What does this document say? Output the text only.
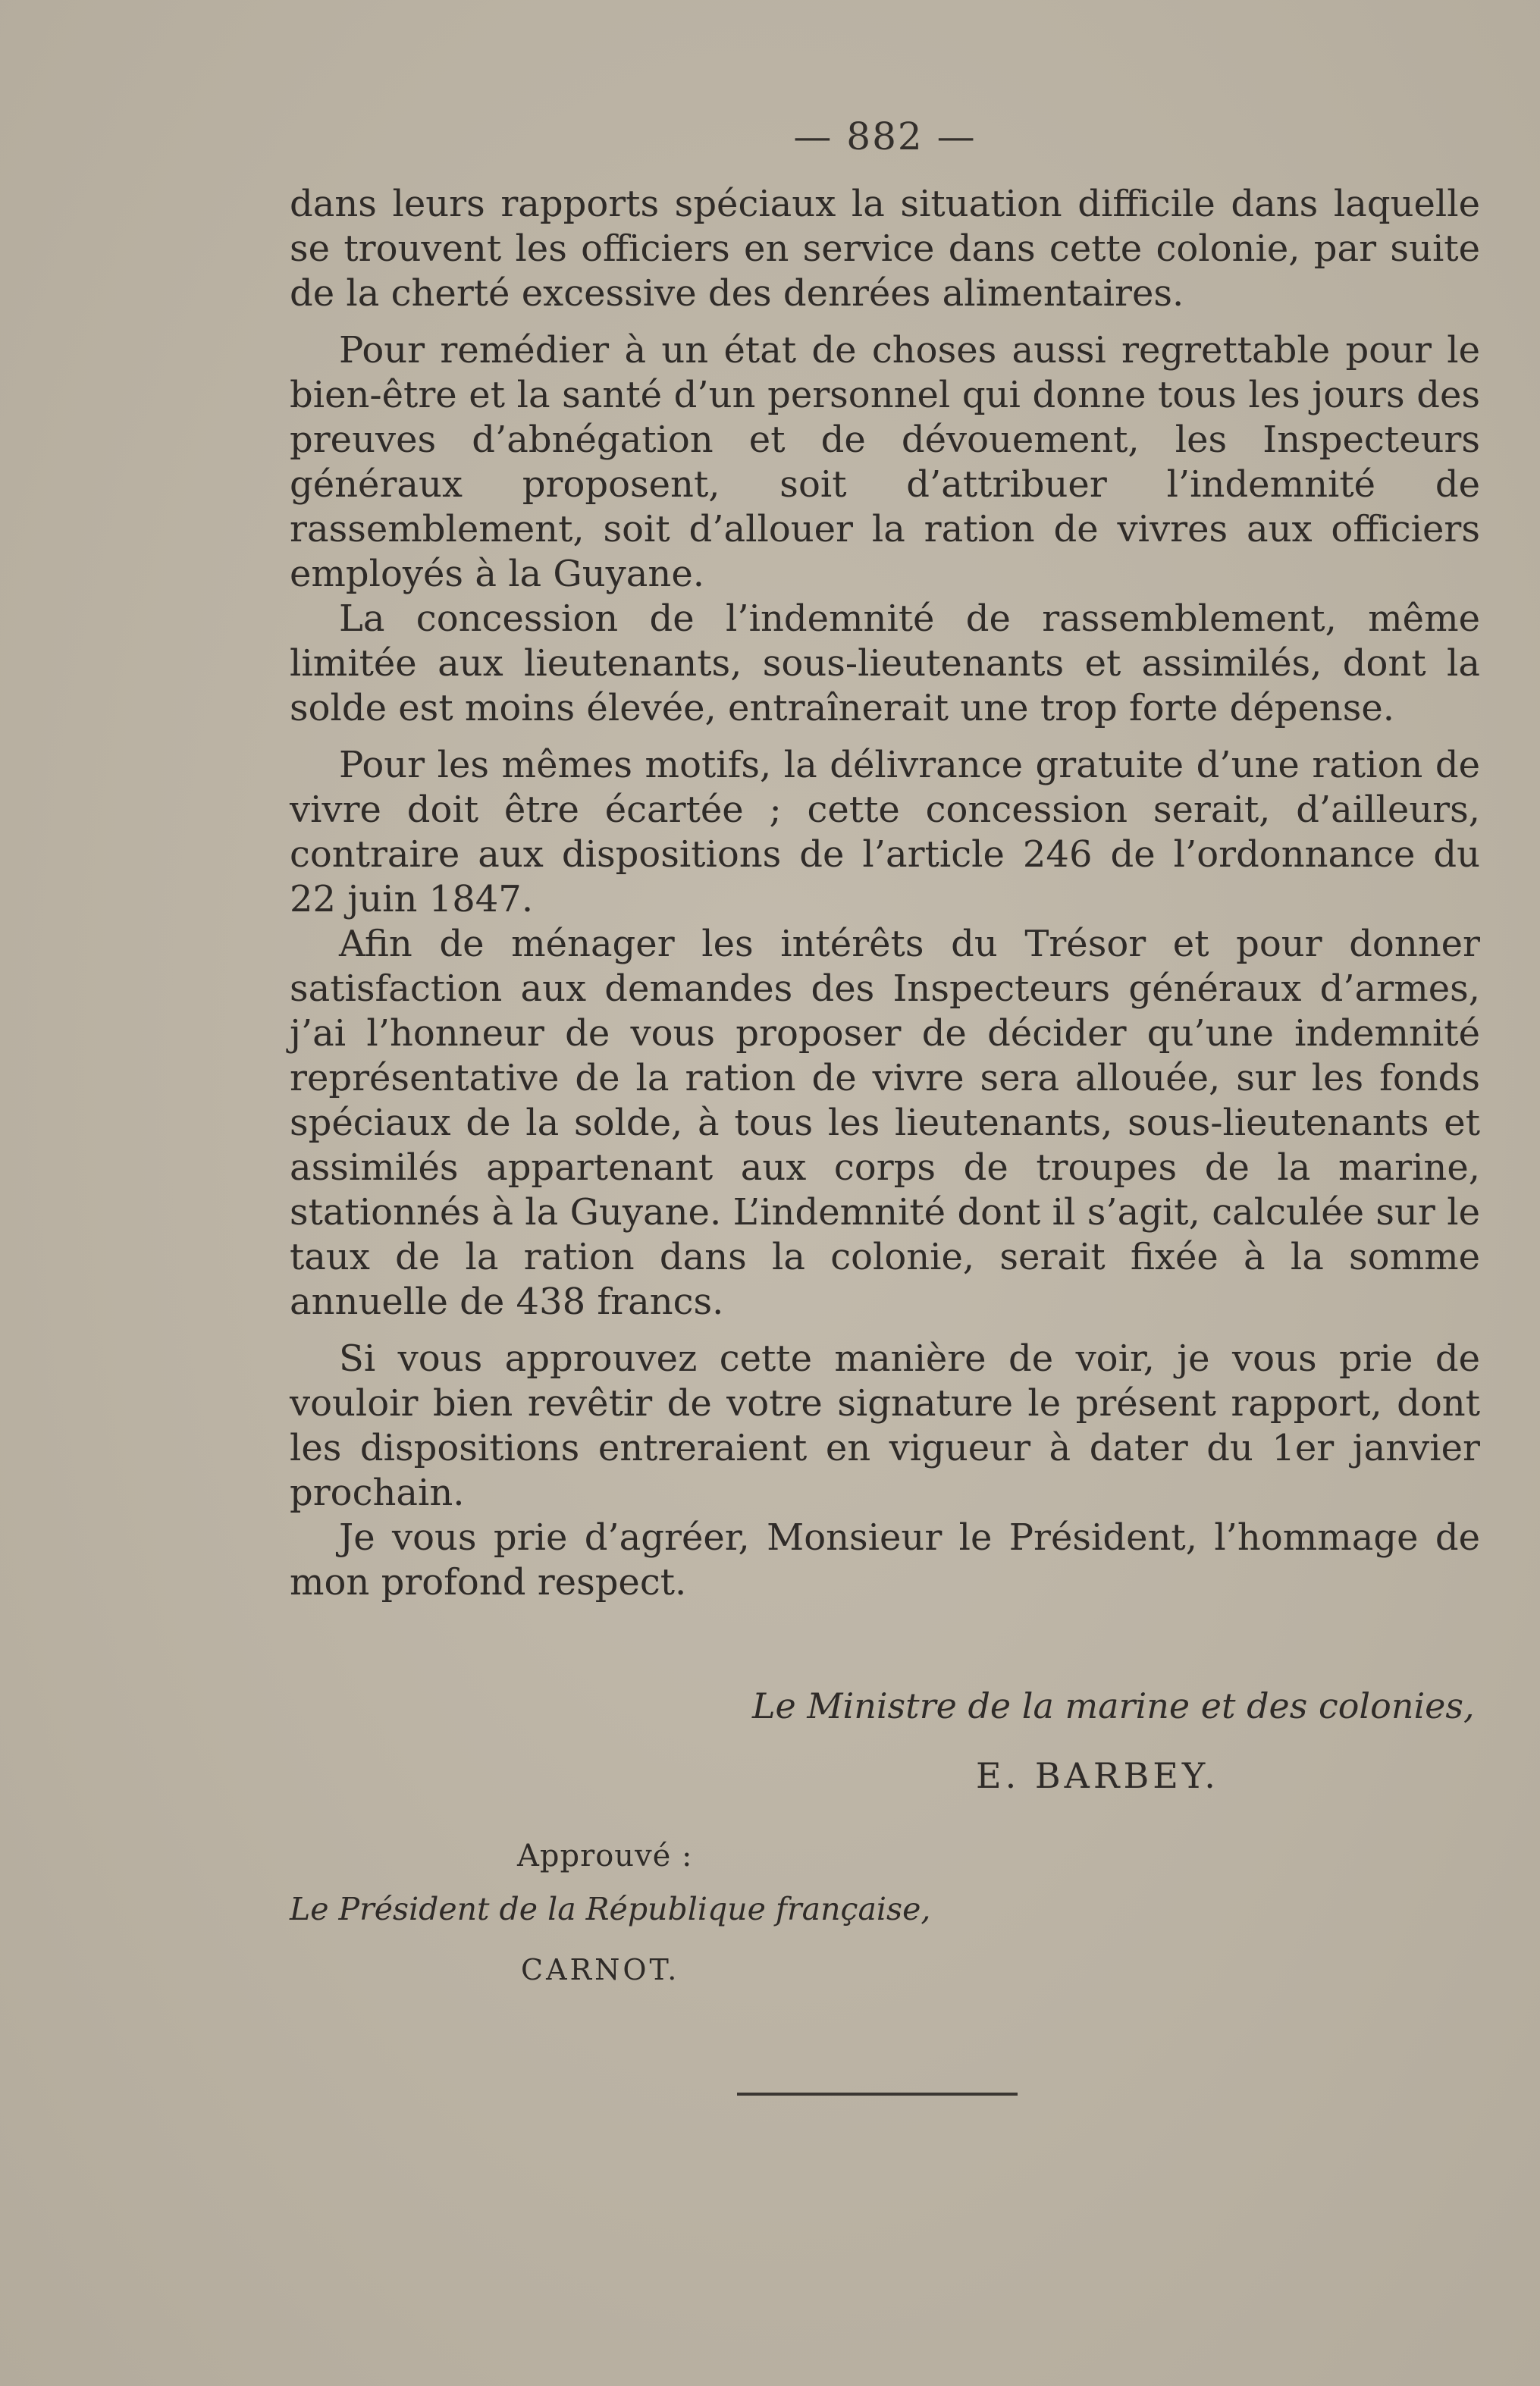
— 882 —

dans leurs rapports spéciaux la situation difficile dans laquelle se trouvent les officiers en service dans cette colonie, par suite de la cherté excessive des denrées alimentaires.

Pour remédier à un état de choses aussi regrettable pour le bien-être et la santé d’un personnel qui donne tous les jours des preuves d’abnégation et de dévouement, les Inspecteurs généraux proposent, soit d’attribuer l’indemnité de rassemblement, soit d’allouer la ration de vivres aux officiers employés à la Guyane.

La concession de l’indemnité de rassemblement, même limitée aux lieutenants, sous-lieutenants et assimilés, dont la solde est moins élevée, entraînerait une trop forte dépense.

Pour les mêmes motifs, la délivrance gratuite d’une ration de vivre doit être écartée ; cette concession serait, d’ailleurs, contraire aux dispositions de l’article 246 de l’ordonnance du 22 juin 1847.

Afin de ménager les intérêts du Trésor et pour donner satisfaction aux demandes des Inspecteurs généraux d’armes, j’ai l’honneur de vous proposer de décider qu’une indemnité représentative de la ration de vivre sera allouée, sur les fonds spéciaux de la solde, à tous les lieutenants, sous-lieutenants et assimilés appartenant aux corps de troupes de la marine, stationnés à la Guyane. L’indemnité dont il s’agit, calculée sur le taux de la ration dans la colonie, serait fixée à la somme annuelle de 438 francs.

Si vous approuvez cette manière de voir, je vous prie de vouloir bien revêtir de votre signature le présent rapport, dont les dispositions entreraient en vigueur à dater du 1er janvier prochain.

Je vous prie d’agréer, Monsieur le Président, l’hommage de mon profond respect.

Le Ministre de la marine et des colonies,
E. BARBEY.
Approuvé :
Le Président de la République française,
CARNOT.
